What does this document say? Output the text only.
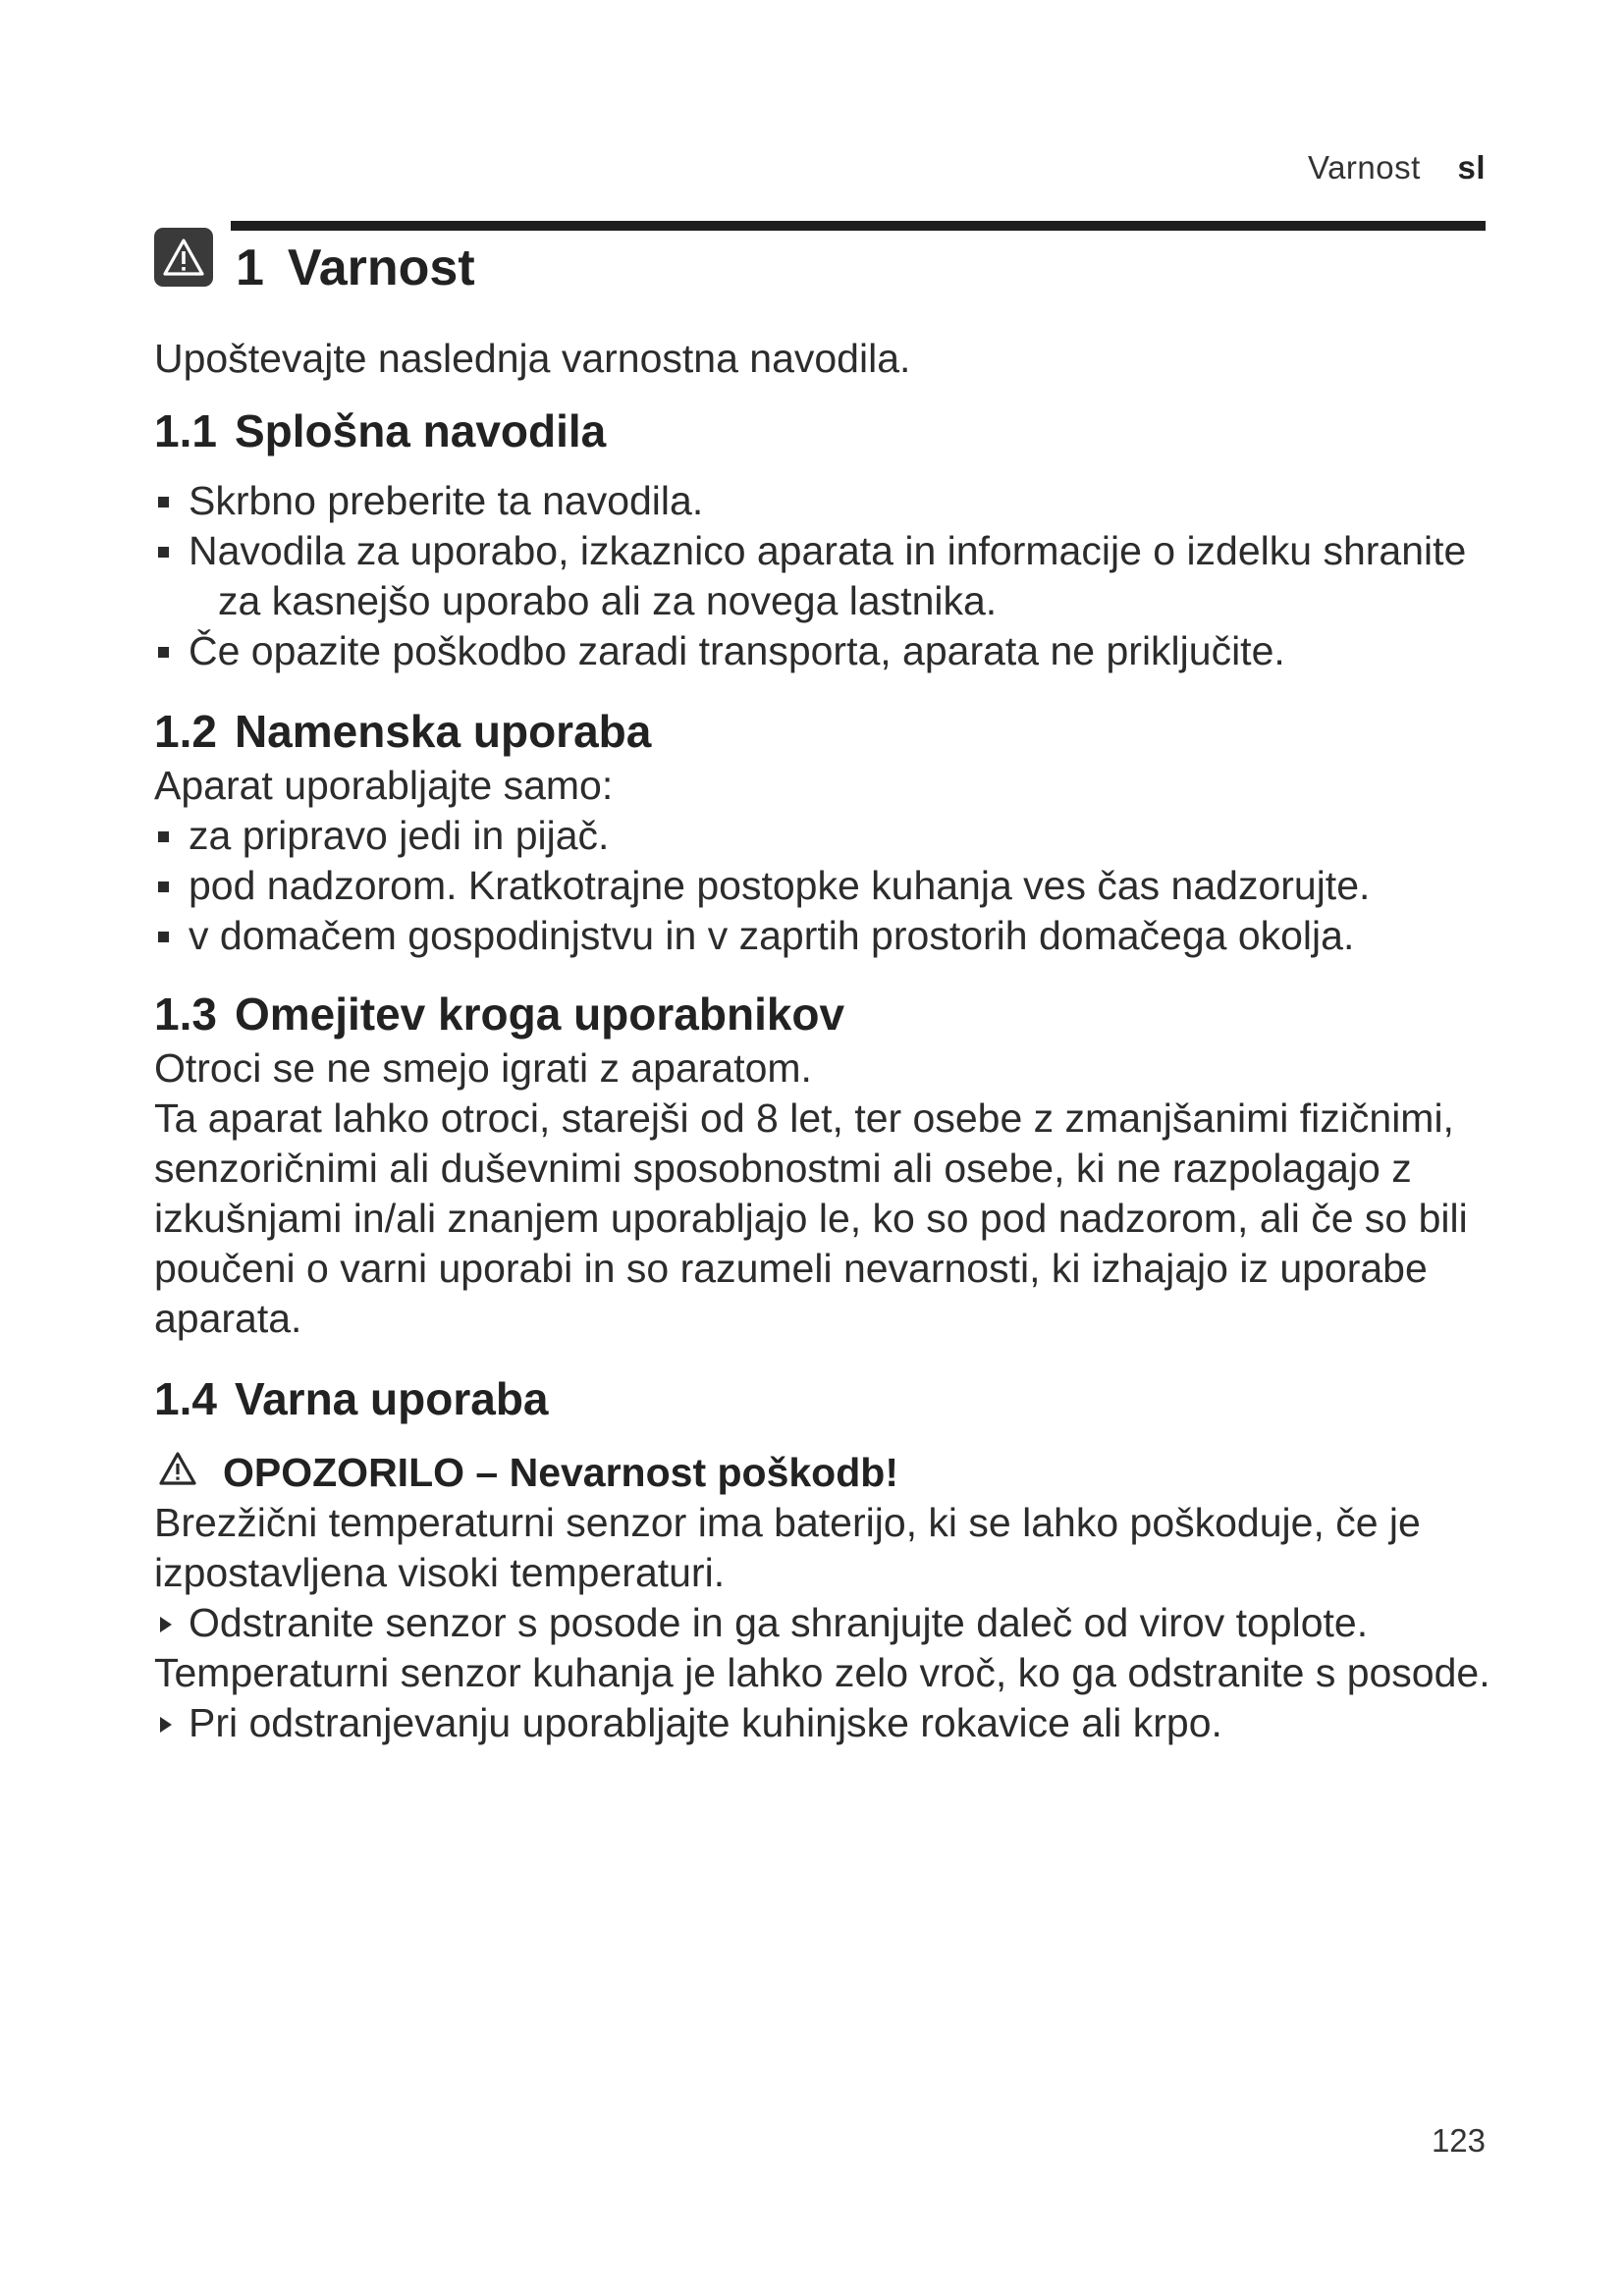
Varnost sl
1 Varnost

Upoštevajte naslednja varnostna navodila.

1.1 Splošna navodila
Skrbno preberite ta navodila.
Navodila za uporabo, izkaznico aparata in informacije o izdelku shranite za kasnejšo uporabo ali za novega lastnika.
Če opazite poškodbo zaradi transporta, aparata ne priključite.
1.2 Namenska uporaba

Aparat uporabljajte samo:

za pripravo jedi in pijač.
pod nadzorom. Kratkotrajne postopke kuhanja ves čas nadzorujte.
v domačem gospodinjstvu in v zaprtih prostorih domačega okolja.
1.3 Omejitev kroga uporabnikov

Otroci se ne smejo igrati z aparatom.

Ta aparat lahko otroci, starejši od 8 let, ter osebe z zmanjšanimi fizičnimi, senzoričnimi ali duševnimi sposobnostmi ali osebe, ki ne razpolagajo z izkušnjami in/ali znanjem uporabljajo le, ko so pod nadzorom, ali če so bili poučeni o varni uporabi in so razumeli nevarnosti, ki izhajajo iz uporabe aparata.

1.4 Varna uporaba
OPOZORILO – Nevarnost poškodb!

Brezžični temperaturni senzor ima baterijo, ki se lahko poškoduje, če je izpostavljena visoki temperaturi.

Odstranite senzor s posode in ga shranjujte daleč od virov toplote.

Temperaturni senzor kuhanja je lahko zelo vroč, ko ga odstranite s posode.

Pri odstranjevanju uporabljajte kuhinjske rokavice ali krpo.
123
